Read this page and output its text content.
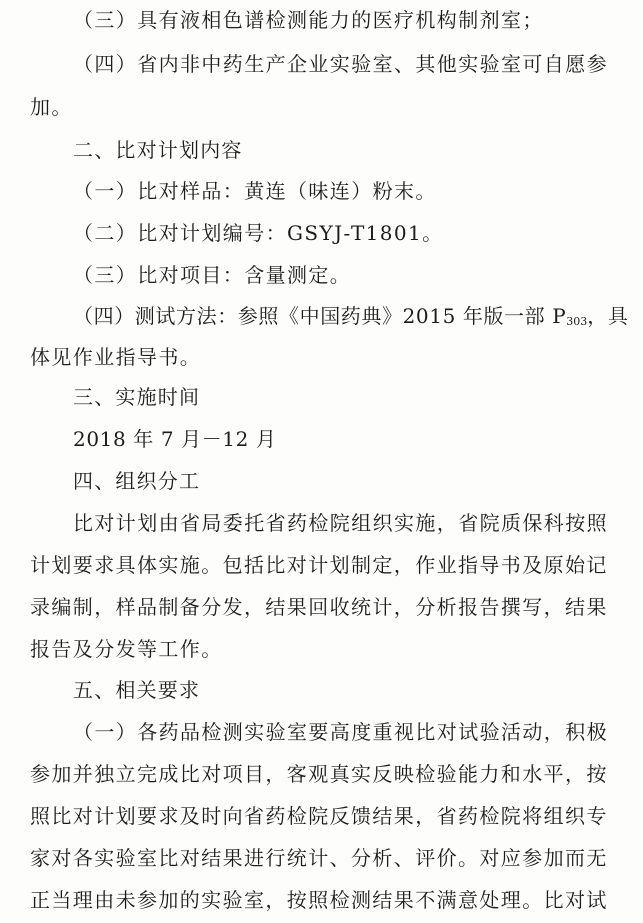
（三）具有液相色谱检测能力的医疗机构制剂室；
（四）省内非中药生产企业实验室、其他实验室可自愿参
加。
二、比对计划内容
（一）比对样品：黄连（味连）粉末。
（二）比对计划编号：GSYJ-T1801。
（三）比对项目：含量测定。
（四）测试方法：参照《中国药典》2015 年版一部 $P_{303}$，具
体见作业指导书。
三、实施时间
2018 年 7 月－12 月
四、组织分工
比对计划由省局委托省药检院组织实施，省院质保科按照
计划要求具体实施。包括比对计划制定，作业指导书及原始记
录编制，样品制备分发，结果回收统计，分析报告撰写，结果
报告及分发等工作。
五、相关要求
（一）各药品检测实验室要高度重视比对试验活动，积极
参加并独立完成比对项目，客观真实反映检验能力和水平，按
照比对计划要求及时向省药检院反馈结果，省药检院将组织专
家对各实验室比对结果进行统计、分析、评价。对应参加而无
正当理由未参加的实验室，按照检测结果不满意处理。比对试
